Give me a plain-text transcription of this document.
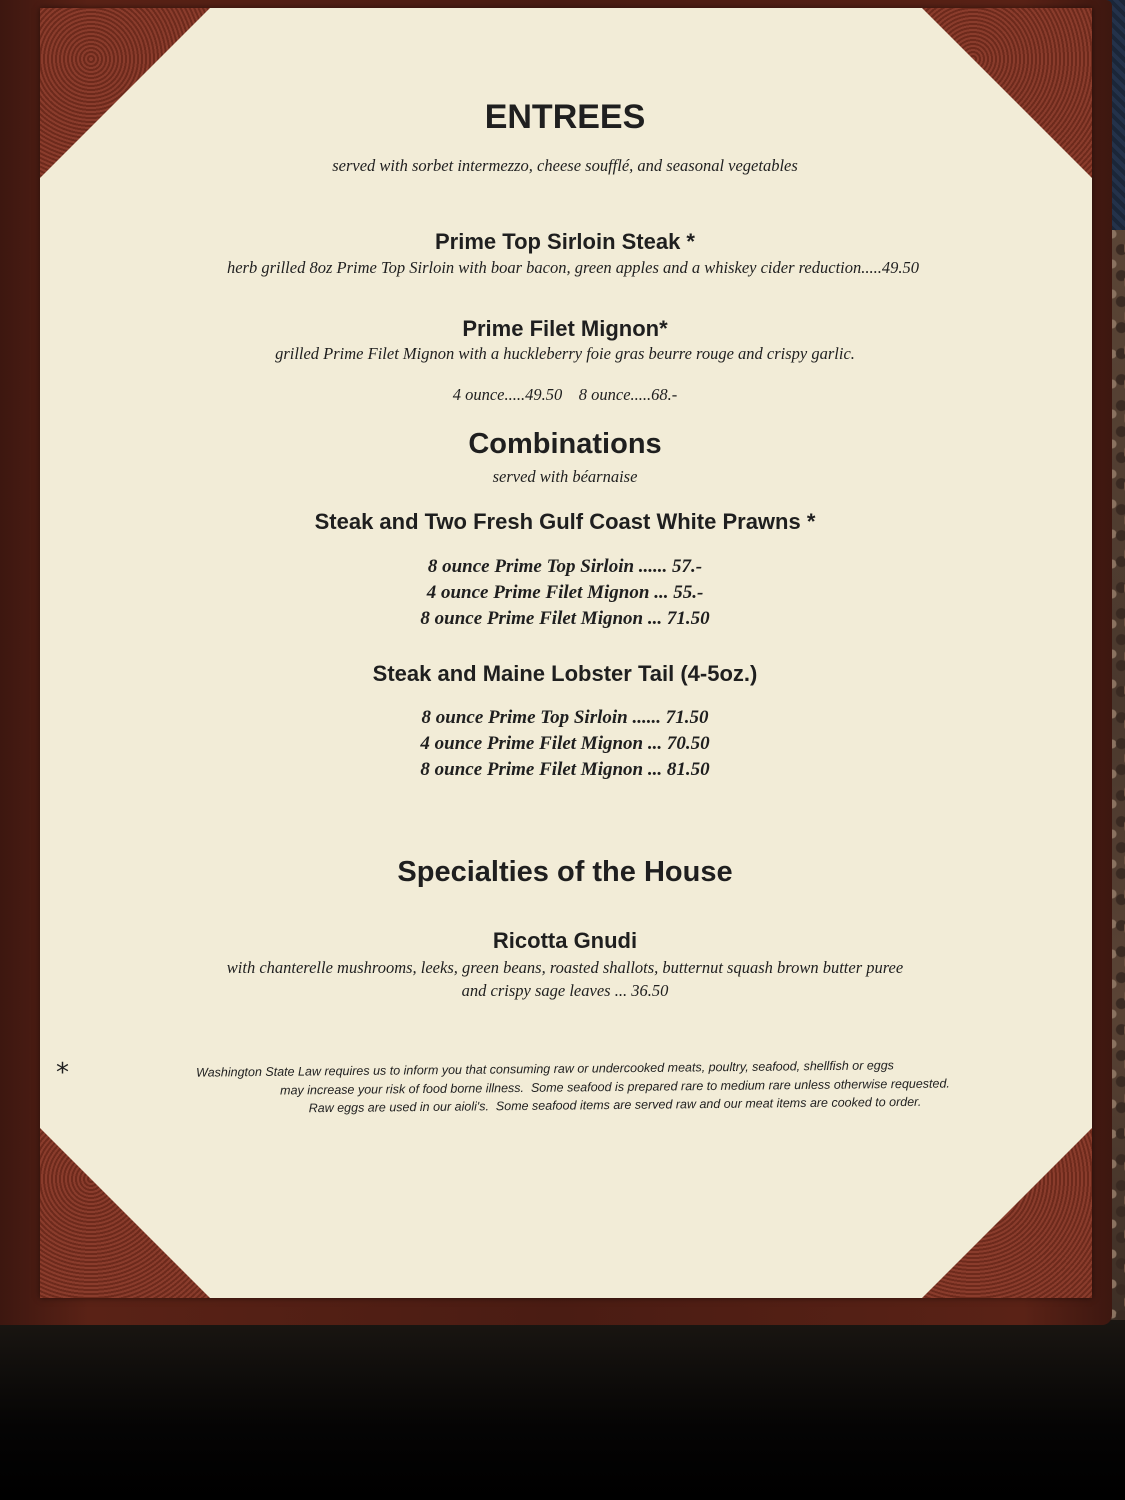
ENTREES
served with sorbet intermezzo, cheese soufflé, and seasonal vegetables
Prime Top Sirloin Steak *
herb grilled 8oz Prime Top Sirloin with boar bacon, green apples and a whiskey cider reduction.....49.50
Prime Filet Mignon*
grilled Prime Filet Mignon with a huckleberry foie gras beurre rouge and crispy garlic.
4 ounce.....49.50    8 ounce.....68.-
Combinations
served with béarnaise
Steak and Two Fresh Gulf Coast White Prawns *
8 ounce Prime Top Sirloin ...... 57.-
4 ounce Prime Filet Mignon ... 55.-
8 ounce Prime Filet Mignon ... 71.50
Steak and Maine Lobster Tail (4-5oz.)
8 ounce Prime Top Sirloin ...... 71.50
4 ounce Prime Filet Mignon ... 70.50
8 ounce Prime Filet Mignon ... 81.50
Specialties of the House
Ricotta Gnudi
with chanterelle mushrooms, leeks, green beans, roasted shallots, butternut squash brown butter puree
and crispy sage leaves ... 36.50
Washington State Law requires us to inform you that consuming raw or undercooked meats, poultry, seafood, shellfish or eggs
may increase your risk of food borne illness.  Some seafood is prepared rare to medium rare unless otherwise requested.
Raw eggs are used in our aioli's.  Some seafood items are served raw and our meat items are cooked to order.
*
